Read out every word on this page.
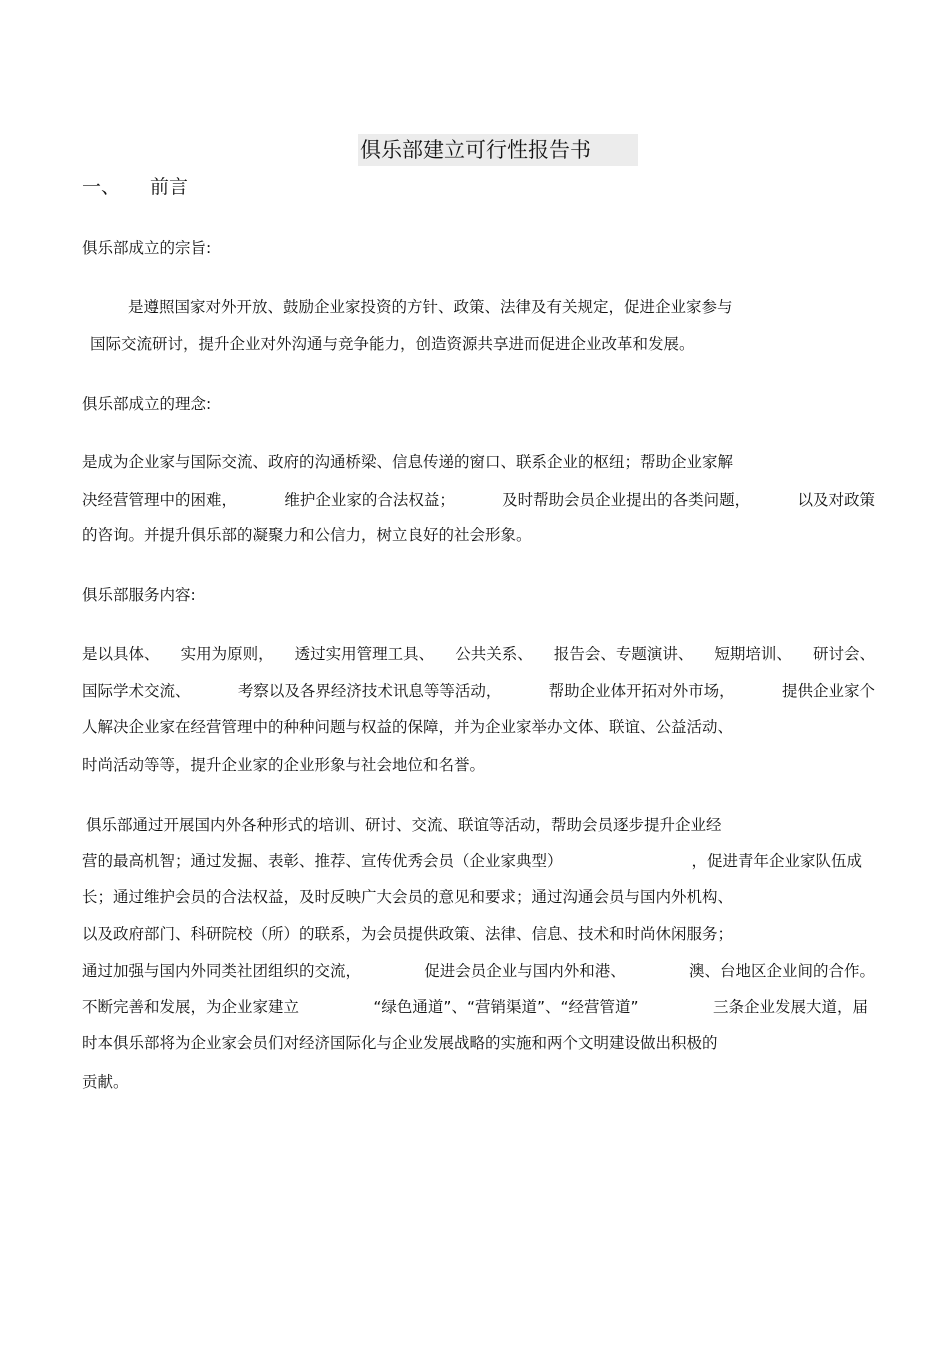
俱乐部建立可行性报告书
一、 前言
俱乐部成立的宗旨:
是遵照国家对外开放、鼓励企业家投资的方针、政策、法律及有关规定，促进企业家参与
国际交流研讨，提升企业对外沟通与竞争能力，创造资源共享进而促进企业改革和发展。
俱乐部成立的理念:
是成为企业家与国际交流、政府的沟通桥梁、信息传递的窗口、联系企业的枢纽；帮助企业家解
决经营管理中的困难，	维护企业家的合法权益；	及时帮助会员企业提出的各类问题，	以及对政策
的咨询。并提升俱乐部的凝聚力和公信力，树立良好的社会形象。
俱乐部服务内容:
是以具体、 实用为原则， 透过实用管理工具、 公共关系、 报告会、专题演讲、 短期培训、 研讨会、
国际学术交流、	考察以及各界经济技术讯息等等活动，	帮助企业体开拓对外市场，	提供企业家个
人解决企业家在经营管理中的种种问题与权益的保障，并为企业家举办文体、联谊、公益活动、
时尚活动等等，提升企业家的企业形象与社会地位和名誉。
俱乐部通过开展国内外各种形式的培训、研讨、交流、联谊等活动，帮助会员逐步提升企业经
营的最高机智；通过发掘、表彰、推荐、宣传优秀会员（企业家典型）	，促进青年企业家队伍成
长；通过维护会员的合法权益，及时反映广大会员的意见和要求；通过沟通会员与国内外机构、
以及政府部门、科研院校（所）的联系，为会员提供政策、法律、信息、技术和时尚休闲服务；
通过加强与国内外同类社团组织的交流，	促进会员企业与国内外和港、	澳、台地区企业间的合作。
不断完善和发展，为企业家建立	“绿色通道”、“营销渠道”、“经营管道”	三条企业发展大道，届
时本俱乐部将为企业家会员们对经济国际化与企业发展战略的实施和两个文明建设做出积极的
贡献。
